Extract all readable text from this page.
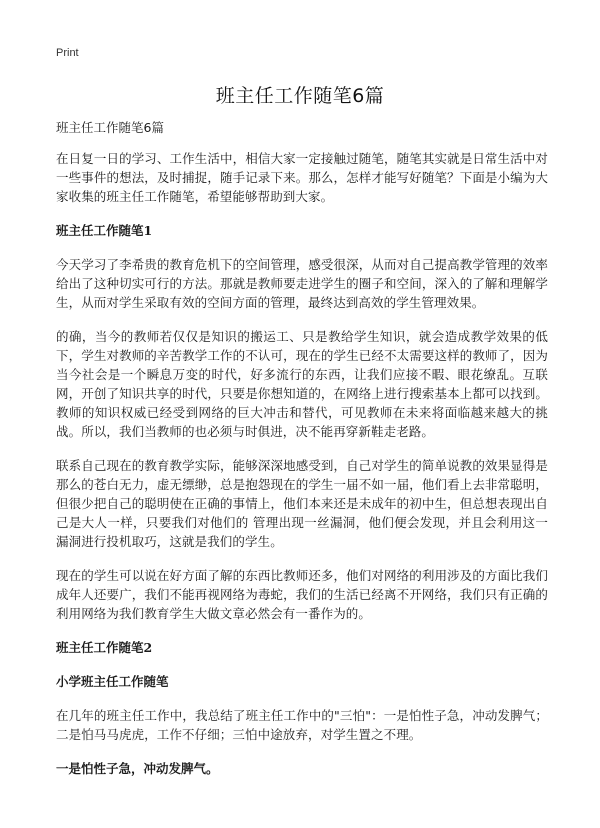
Print
班主任工作随笔6篇

班主任工作随笔6篇

在日复一日的学习、工作生活中，相信大家一定接触过随笔，随笔其实就是日常生活中对一些事件的想法，及时捕捉，随手记录下来。那么，怎样才能写好随笔？下面是小编为大家收集的班主任工作随笔，希望能够帮助到大家。

班主任工作随笔1

今天学习了李希贵的教育危机下的空间管理，感受很深，从而对自己提高教学管理的效率给出了这种切实可行的方法。那就是教师要走进学生的圈子和空间，深入的了解和理解学生，从而对学生采取有效的空间方面的管理，最终达到高效的学生管理效果。

的确，当今的教师若仅仅是知识的搬运工、只是教给学生知识，就会造成教学效果的低下，学生对教师的辛苦教学工作的不认可，现在的学生已经不太需要这样的教师了，因为当今社会是一个瞬息万变的时代，好多流行的东西，让我们应接不暇、眼花缭乱。互联网，开创了知识共享的时代，只要是你想知道的，在网络上进行搜索基本上都可以找到。教师的知识权威已经受到网络的巨大冲击和替代，可见教师在未来将面临越来越大的挑战。所以，我们当教师的也必须与时俱进，决不能再穿新鞋走老路。

联系自己现在的教育教学实际，能够深深地感受到，自己对学生的简单说教的效果显得是那么的苍白无力，虚无缥缈，总是抱怨现在的学生一届不如一届，他们看上去非常聪明，但很少把自己的聪明使在正确的事情上，他们本来还是未成年的初中生，但总想表现出自己是大人一样，只要我们对他们的 管理出现一丝漏洞，他们便会发现，并且会利用这一漏洞进行投机取巧，这就是我们的学生。

现在的学生可以说在好方面了解的东西比教师还多，他们对网络的利用涉及的方面比我们成年人还要广，我们不能再视网络为毒蛇，我们的生活已经离不开网络，我们只有正确的利用网络为我们教育学生大做文章必然会有一番作为的。

班主任工作随笔2

小学班主任工作随笔

在几年的班主任工作中，我总结了班主任工作中的"三怕"：一是怕性子急，冲动发脾气；二是怕马马虎虎，工作不仔细；三怕中途放弃，对学生置之不理。

一是怕性子急，冲动发脾气。
